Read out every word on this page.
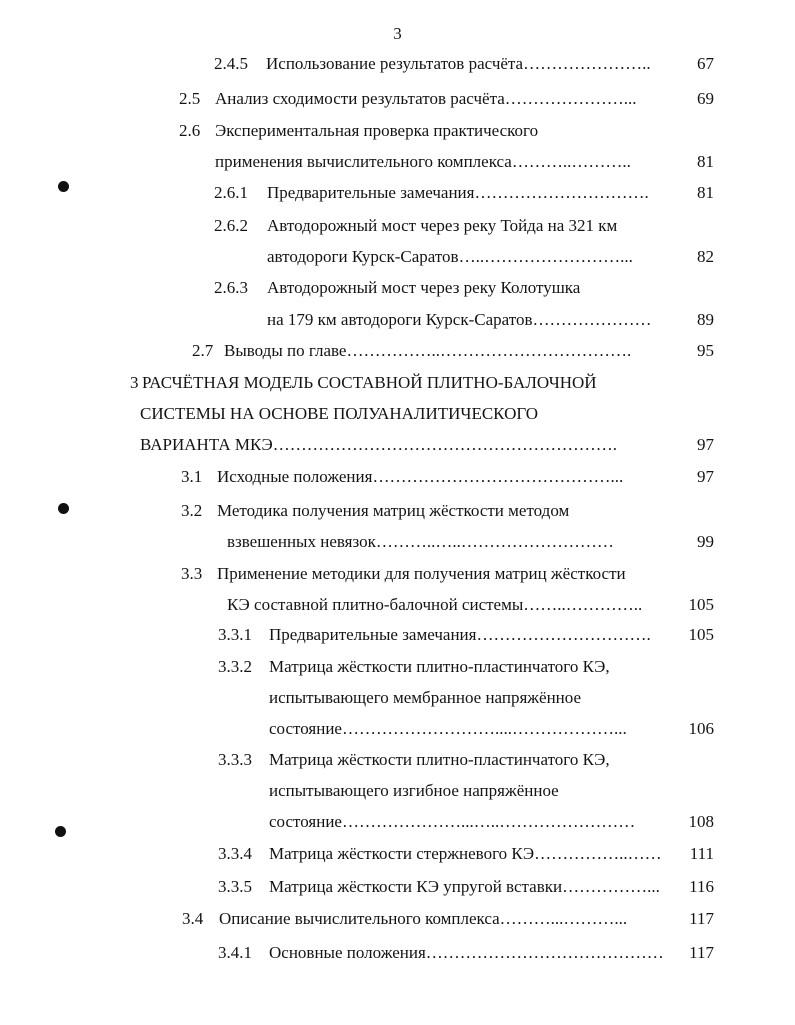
3
2.4.5 Использование результатов расчёта…………………..	67
2.5 Анализ сходимости результатов расчёта…………………...	69
2.6 Экспериментальная проверка практического
применения вычислительного комплекса………..………..	81
2.6.1 Предварительные замечания………………………….	81
2.6.2 Автодорожный мост через реку Тойда на 321 км
автодороги Курск-Саратов…..……………………...	82
2.6.3 Автодорожный мост через реку Колотушка
на 179 км автодороги Курск-Саратов…………………	89
2.7 Выводы по главе……………..…………………………….	95
3 РАСЧЁТНАЯ МОДЕЛЬ СОСТАВНОЙ ПЛИТНО-БАЛОЧНОЙ
СИСТЕМЫ НА ОСНОВЕ ПОЛУАНАЛИТИЧЕСКОГО
ВАРИАНТА МКЭ…………………………………………………….	97
3.1 Исходные положения……………………………………...	97
3.2 Методика получения матриц жёсткости методом
взвешенных невязок………..…..………………………	99
3.3 Применение методики для получения матриц жёсткости
КЭ составной плитно-балочной системы……..…………..	105
3.3.1 Предварительные замечания………………………….	105
3.3.2 Матрица жёсткости плитно-пластинчатого КЭ,
испытывающего мембранное напряжённое
состояние………………………....………………...	106
3.3.3 Матрица жёсткости плитно-пластинчатого КЭ,
испытывающего изгибное напряжённое
состояние…………………...…..……………………	108
3.3.4 Матрица жёсткости стержневого КЭ……………..……	111
3.3.5 Матрица жёсткости КЭ упругой вставки……………...	116
3.4 Описание вычислительного комплекса………...………...	117
3.4.1 Основные положения……………………………………	117
